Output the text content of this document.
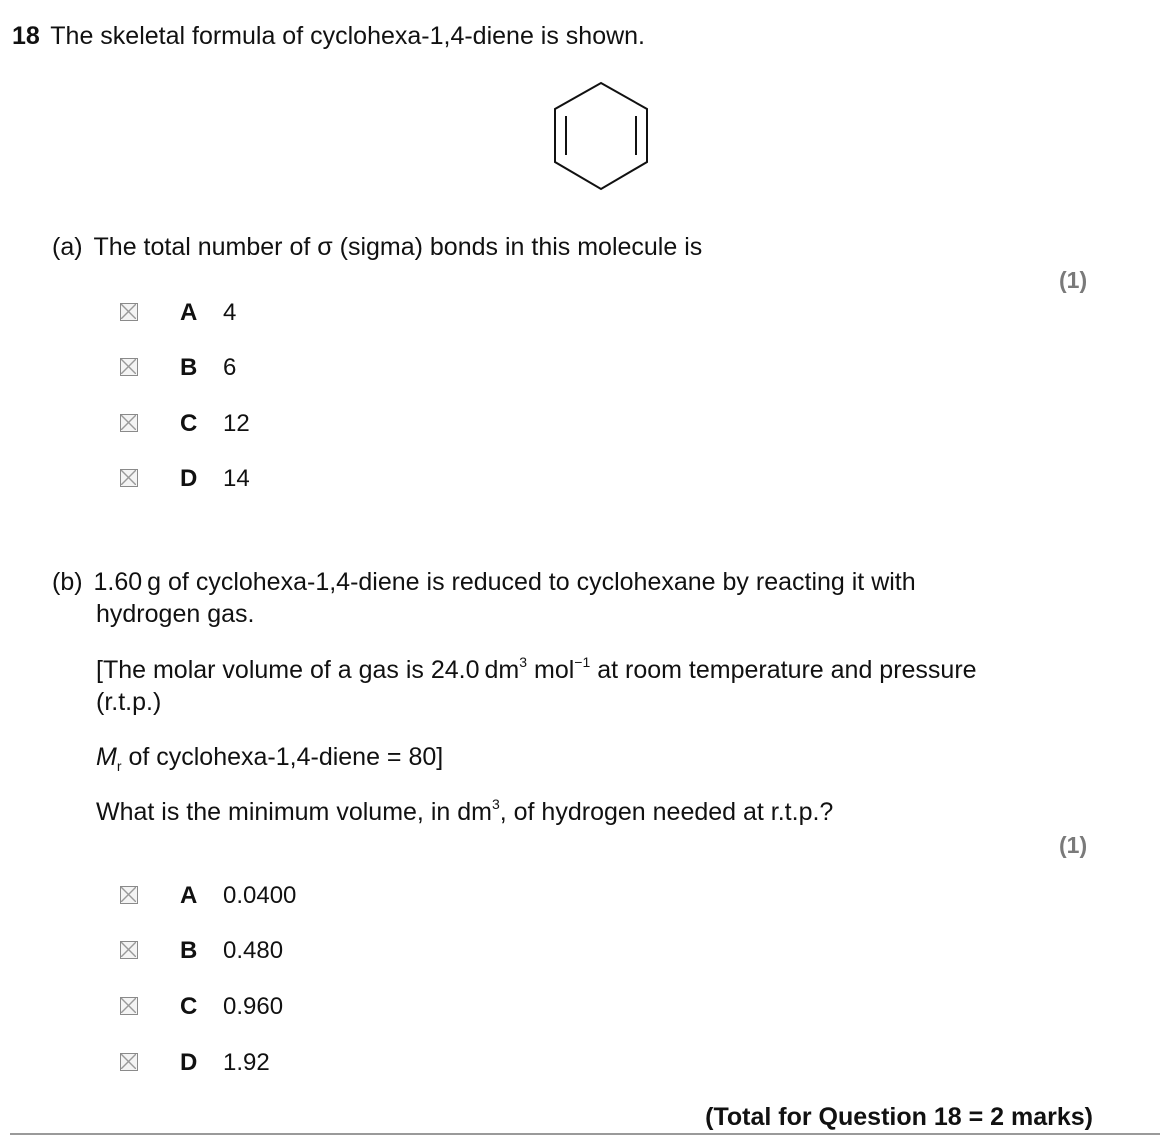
18 The skeletal formula of cyclohexa-1,4-diene is shown.
(a) The total number of σ (sigma) bonds in this molecule is
(1)
A 4
B 6
C 12
D 14
(b) 1.60 g of cyclohexa-1,4-diene is reduced to cyclohexane by reacting it with
hydrogen gas.
[The molar volume of a gas is 24.0 $dm^3$ mol$^{-1}$ at room temperature and pressure
(r.t.p.)
$M_r$ of cyclohexa-1,4-diene = 80]
What is the minimum volume, in $dm^3$, of hydrogen needed at r.t.p.?
(1)
A 0.0400
B 0.480
C 0.960
D 1.92
(Total for Question 18 = 2 marks)
